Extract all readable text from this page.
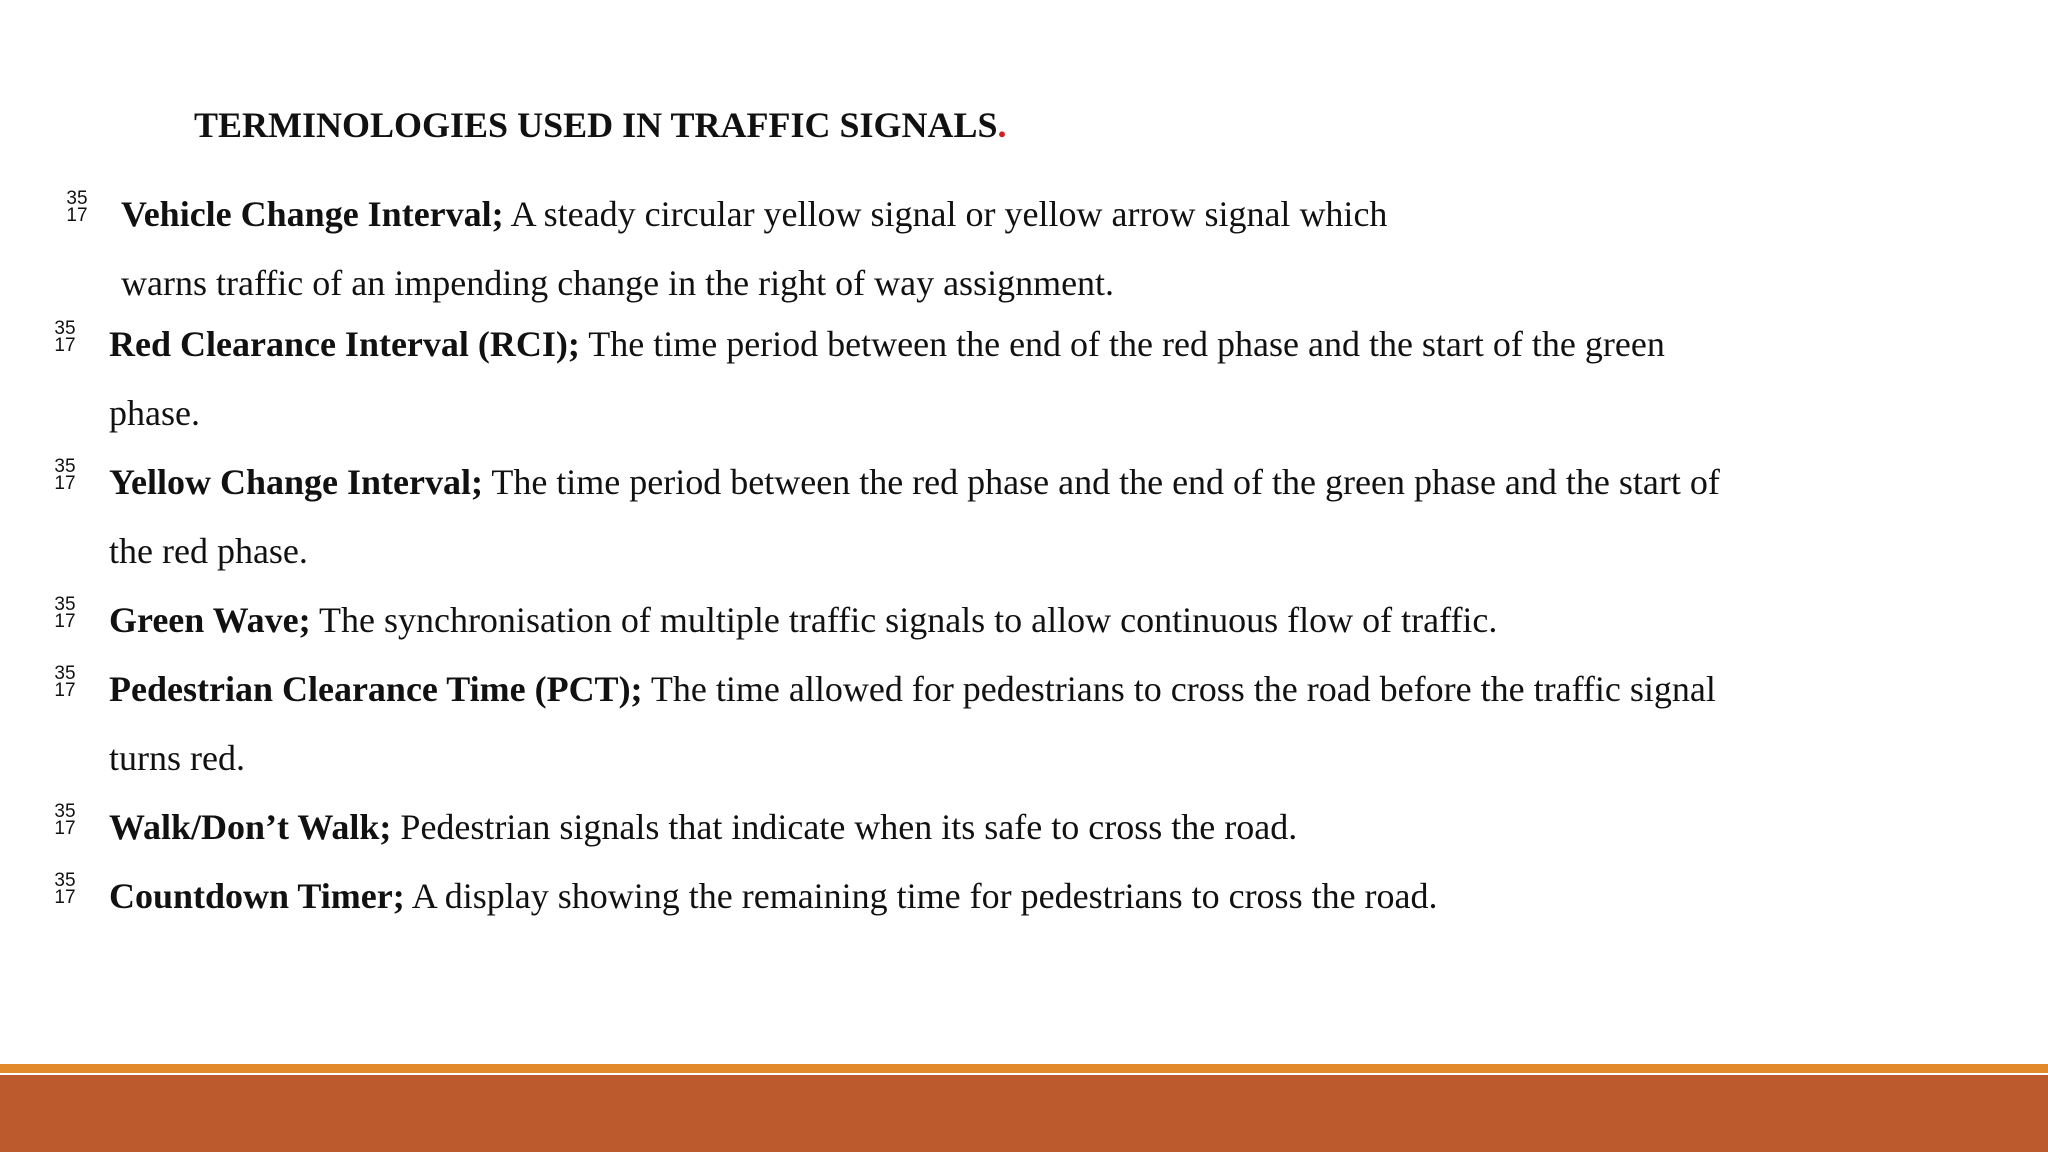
TERMINOLOGIES USED IN TRAFFIC SIGNALS.
35
17 Vehicle Change Interval; A steady circular yellow signal or yellow arrow signal which
warns traffic of an impending change in the right of way assignment.
35
17 Red Clearance Interval (RCI); The time period between the end of the red phase and the start of the green
phase.
35
17 Yellow Change Interval; The time period between the red phase and the end of the green phase and the start of
the red phase.
35
17 Green Wave; The synchronisation of multiple traffic signals to allow continuous flow of traffic.
35
17 Pedestrian Clearance Time (PCT); The time allowed for pedestrians to cross the road before the traffic signal
turns red.
35
17 Walk/Don’t Walk; Pedestrian signals that indicate when its safe to cross the road.
35
17 Countdown Timer; A display showing the remaining time for pedestrians to cross the road.
